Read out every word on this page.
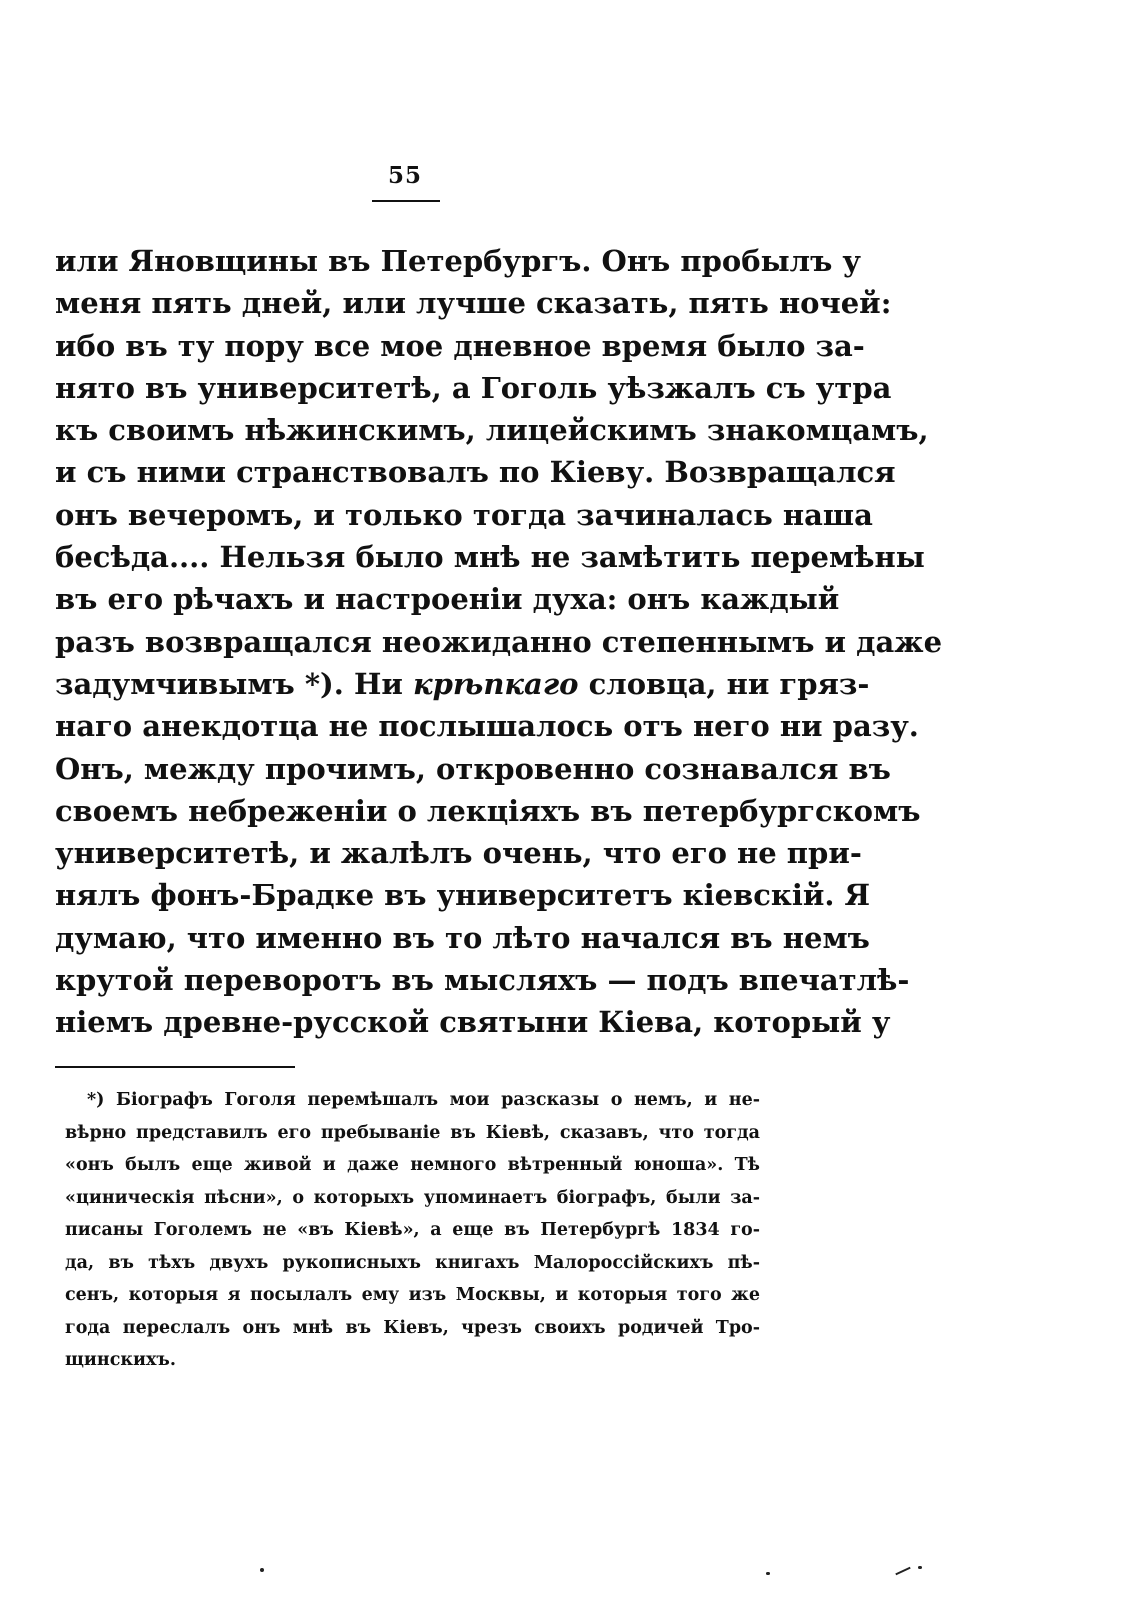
55
или Яновщины въ Петербургъ. Онъ пробылъ у
меня пять дней, или лучше сказать, пять ночей:
ибо въ ту пору все мое дневное время было за-
нято въ университетѣ, а Гоголь уѣзжалъ съ утра
къ своимъ нѣжинскимъ, лицейскимъ знакомцамъ,
и съ ними странствовалъ по Кіеву. Возвращался
онъ вечеромъ, и только тогда зачиналась наша
бесѣда.... Нельзя было мнѣ не замѣтить перемѣны
въ его рѣчахъ и настроеніи духа: онъ каждый
разъ возвращался неожиданно степеннымъ и даже
задумчивымъ *). Ни крѣпкаго словца, ни гряз-
наго анекдотца не послышалось отъ него ни разу.
Онъ, между прочимъ, откровенно сознавался въ
своемъ небреженіи о лекціяхъ въ петербургскомъ
университетѣ, и жалѣлъ очень, что его не при-
нялъ фонъ-Брадке въ университетъ кіевскій. Я
думаю, что именно въ то лѣто начался въ немъ
крутой переворотъ въ мысляхъ — подъ впечатлѣ-
ніемъ древне-русской святыни Кіева, который у
*) Біографъ Гоголя перемѣшалъ мои разсказы о немъ, и не-
вѣрно представилъ его пребываніе въ Кіевѣ, сказавъ, что тогда
«онъ былъ еще живой и даже немного вѣтренный юноша». Тѣ
«циническія пѣсни», о которыхъ упоминаетъ біографъ, были за-
писаны Гоголемъ не «въ Кіевѣ», а еще въ Петербургѣ 1834 го-
да, въ тѣхъ двухъ рукописныхъ книгахъ Малороссійскихъ пѣ-
сенъ, которыя я посылалъ ему изъ Москвы, и которыя того же
года переслалъ онъ мнѣ въ Кіевъ, чрезъ своихъ родичей Тро-
щинскихъ.
